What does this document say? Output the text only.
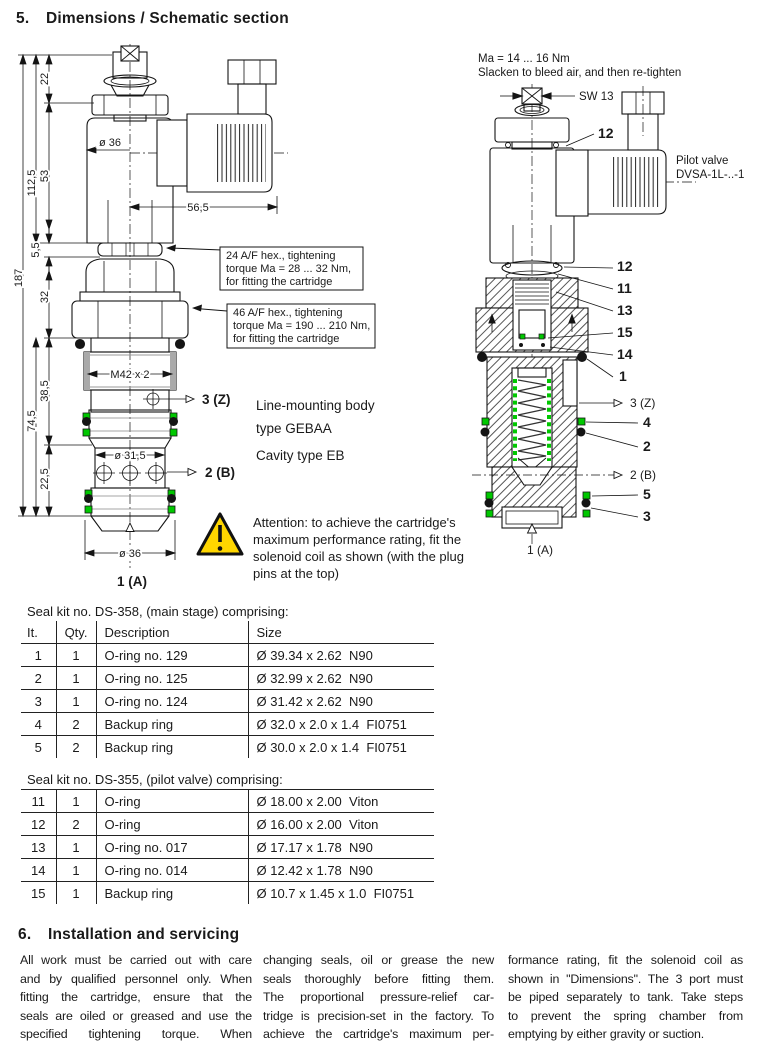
5. Dimensions / Schematic section
22
53
112,5
5,5
187
32
38,5
74,5
22,5
ø 36
56,5
M42 x 2
ø 31,5
ø 36
3 (Z)
2 (B)
1 (A)
24 A/F hex., tightening
torque Ma = 28 ... 32 Nm,
for fitting the cartridge
46 A/F hex., tightening
torque Ma = 190 ... 210 Nm,
for fitting the cartridge
Line-mounting body
type GEBAA
Cavity type EB
Attention: to achieve the cartridge's
maximum performance rating, fit the
solenoid coil as shown (with the plug
pins at the top)
Ma = 14 ... 16 Nm
Slacken to bleed air, and then re-tighten
SW 13
Pilot valve
DVSA-1L-..-1
12
12
11
13
15
14
1
4
2
5
3
3 (Z)
2 (B)
1 (A)
Seal kit no. DS-358, (main stage) comprising:
It.	Qty.	Description	Size
1	1	O-ring no. 129	Ø 39.34 x 2.62  N90
2	1	O-ring no. 125	Ø 32.99 x 2.62  N90
3	1	O-ring no. 124	Ø 31.42 x 2.62  N90
4	2	Backup ring	Ø 32.0 x 2.0 x 1.4  FI0751
5	2	Backup ring	Ø 30.0 x 2.0 x 1.4  FI0751
Seal kit no. DS-355, (pilot valve) comprising:
11	1	O-ring	Ø 18.00 x 2.00  Viton
12	2	O-ring	Ø 16.00 x 2.00  Viton
13	1	O-ring no. 017	Ø 17.17 x 1.78  N90
14	1	O-ring no. 014	Ø 12.42 x 1.78  N90
15	1	Backup ring	Ø 10.7 x 1.45 x 1.0  FI0751
6. Installation and servicing
All work must be carried out with care
and by qualified personnel only. When
fitting the cartridge, ensure that the
seals are oiled or greased and use the
specified tightening torque. When
changing seals, oil or grease the new
seals thoroughly before fitting them.
The proportional pressure-relief car-
tridge is precision-set in the factory. To
achieve the cartridge's maximum per-
formance rating, fit the solenoid coil as
shown in "Dimensions". The 3 port must
be piped separately to tank. Take steps
to prevent the spring chamber from
emptying by either gravity or suction.
